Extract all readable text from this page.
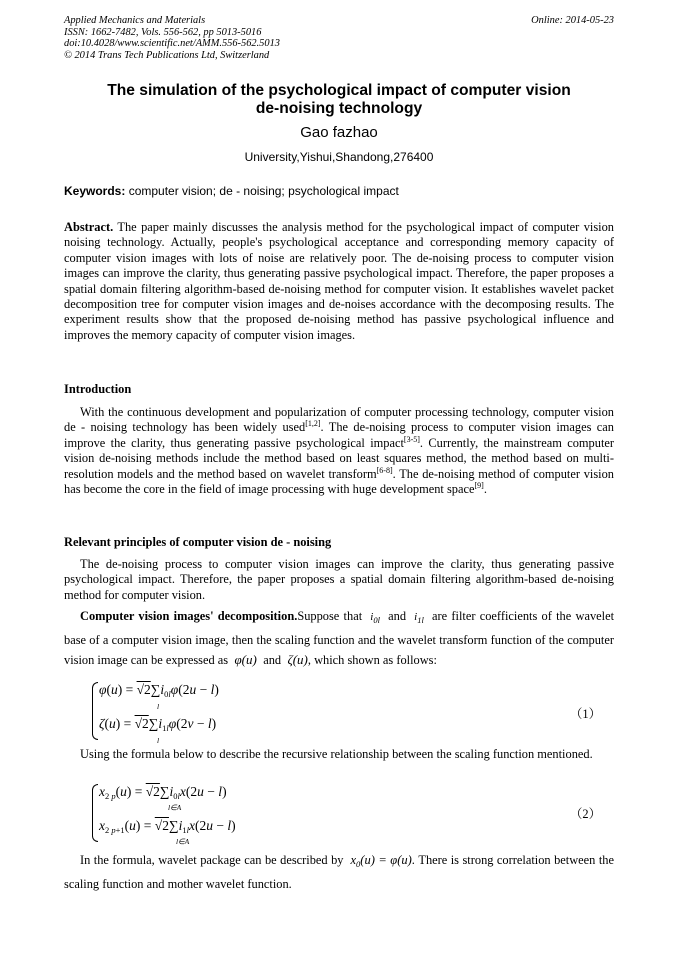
Applied Mechanics and Materials
ISSN: 1662-7482, Vols. 556-562, pp 5013-5016
doi:10.4028/www.scientific.net/AMM.556-562.5013
© 2014 Trans Tech Publications Ltd, Switzerland
Online: 2014-05-23
The simulation of the psychological impact of computer vision
de-noising technology
Gao fazhao
University,Yishui,Shandong,276400
Keywords: computer vision; de - noising; psychological impact
Abstract. The paper mainly discusses the analysis method for the psychological impact of computer vision noising technology. Actually, people's psychological acceptance and corresponding memory capacity of computer vision images with lots of noise are relatively poor. The de-noising process to computer vision images can improve the clarity, thus generating passive psychological impact. Therefore, the paper proposes a spatial domain filtering algorithm-based de-noising method for computer vision. It establishes wavelet packet decomposition tree for computer vision images and de-noises accordance with the decomposing results. The experiment results show that the proposed de-noising method has passive psychological influence and improves the memory capacity of computer vision images.
Introduction
With the continuous development and popularization of computer processing technology, computer vision de - noising technology has been widely used[1,2]. The de-noising process to computer vision images can improve the clarity, thus generating passive psychological impact[3-5]. Currently, the mainstream computer vision de-noising methods include the method based on least squares method, the method based on multi-resolution models and the method based on wavelet transform[6-8]. The de-noising method of computer vision has become the core in the field of image processing with huge development space[9].
Relevant principles of computer vision de - noising
The de-noising process to computer vision images can improve the clarity, thus generating passive psychological impact. Therefore, the paper proposes a spatial domain filtering algorithm-based de-noising method for computer vision.
Computer vision images' decomposition.Suppose that  $i_{0l}$ and  $i_{1l}$ are filter coefficients of the wavelet base of a computer vision image, then the scaling function and the wavelet transform function of the computer vision image can be expressed as  φ(u)  and  ζ(u), which shown as follows:
$\varphi(u) = √2\sum i_{0l}\varphi(2u - l)$
l
$\zeta(u) = √2\sum i_{1l}\varphi(2v - l)$
l
（1）
Using the formula below to describe the recursive relationship between the scaling function mentioned.
$x_{2 p}(u) = √2\sum i_{0l}x(2u - l)$
l∈A
$x_{2 p+1}(u) = √2\sum i_{1l}x(2u - l)$
l∈A
（2）
In the formula, wavelet package can be described by  $x_0(u) = \varphi(u)$. There is strong correlation between the scaling function and mother wavelet function.
